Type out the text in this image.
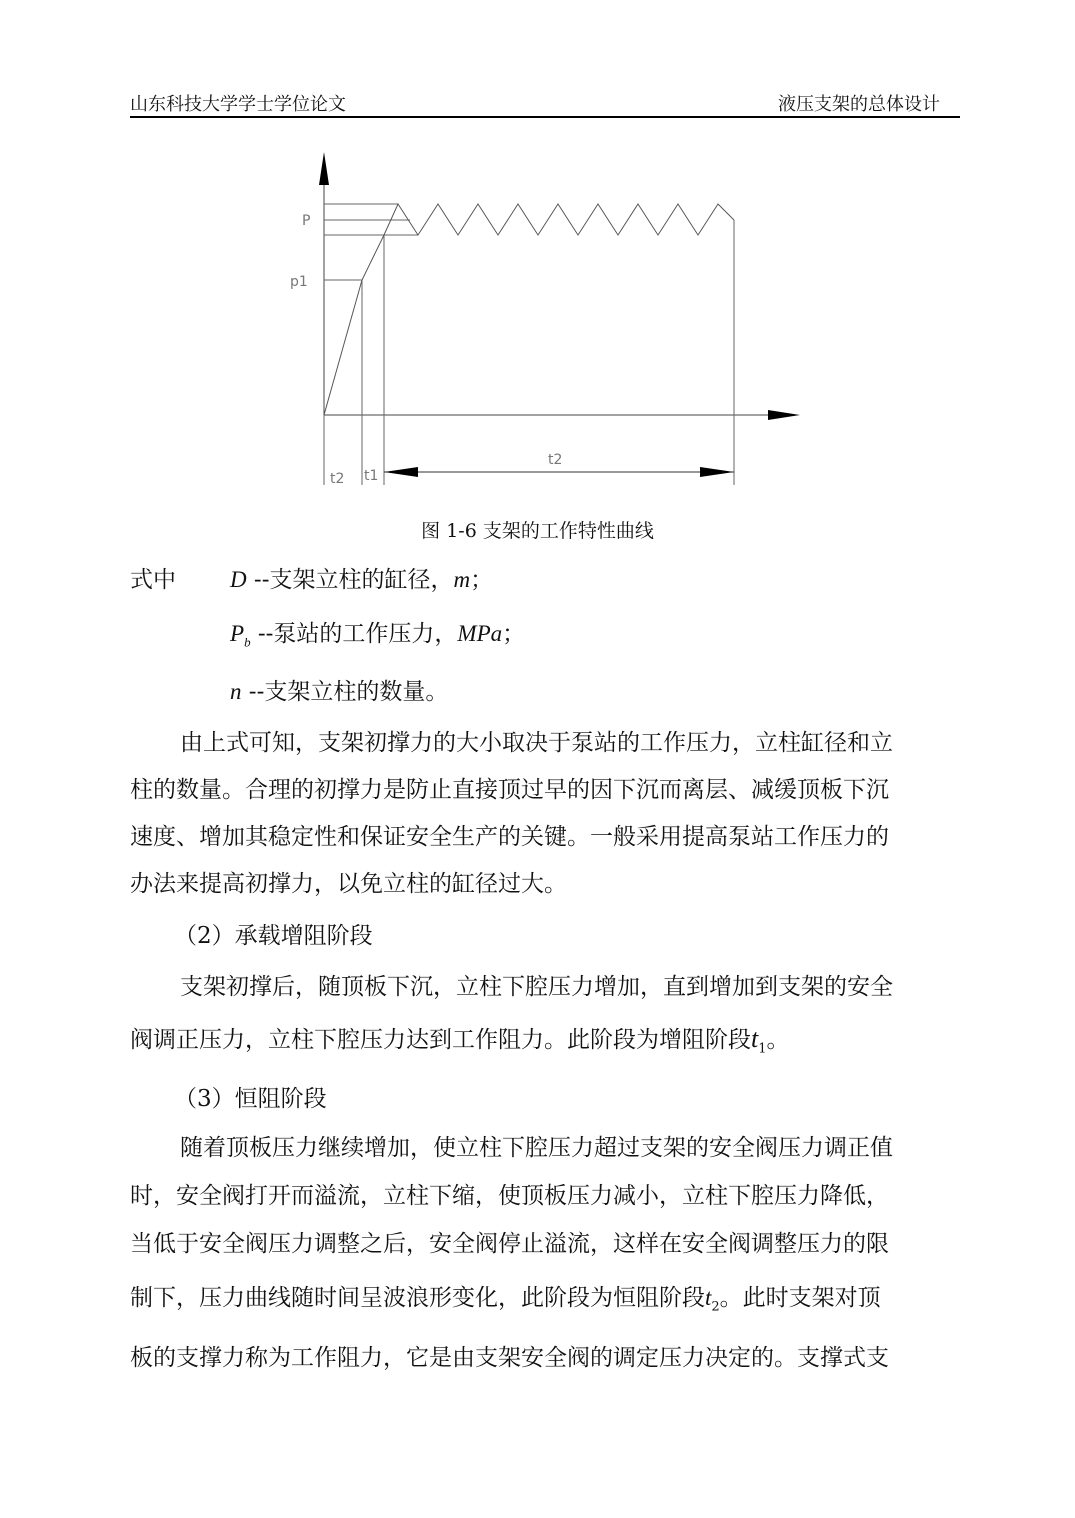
山东科技大学学士学位论文	液压支架的总体设计
P
p1
t2 t1
t2
图 1-6 支架的工作特性曲线
式中 D --支架立柱的缸径，m；
$P_b$ --泵站的工作压力，MPa；
n --支架立柱的数量。
由上式可知，支架初撑力的大小取决于泵站的工作压力，立柱缸径和立
柱的数量。合理的初撑力是防止直接顶过早的因下沉而离层、减缓顶板下沉
速度、增加其稳定性和保证安全生产的关键。一般采用提高泵站工作压力的
办法来提高初撑力，以免立柱的缸径过大。
（2）承载增阻阶段
支架初撑后，随顶板下沉，立柱下腔压力增加，直到增加到支架的安全
阀调正压力，立柱下腔压力达到工作阻力。此阶段为增阻阶段$t_1$。
（3）恒阻阶段
随着顶板压力继续增加，使立柱下腔压力超过支架的安全阀压力调正值
时，安全阀打开而溢流，立柱下缩，使顶板压力减小，立柱下腔压力降低，
当低于安全阀压力调整之后，安全阀停止溢流，这样在安全阀调整压力的限
制下，压力曲线随时间呈波浪形变化，此阶段为恒阻阶段$t_2$。此时支架对顶
板的支撑力称为工作阻力，它是由支架安全阀的调定压力决定的。支撑式支
